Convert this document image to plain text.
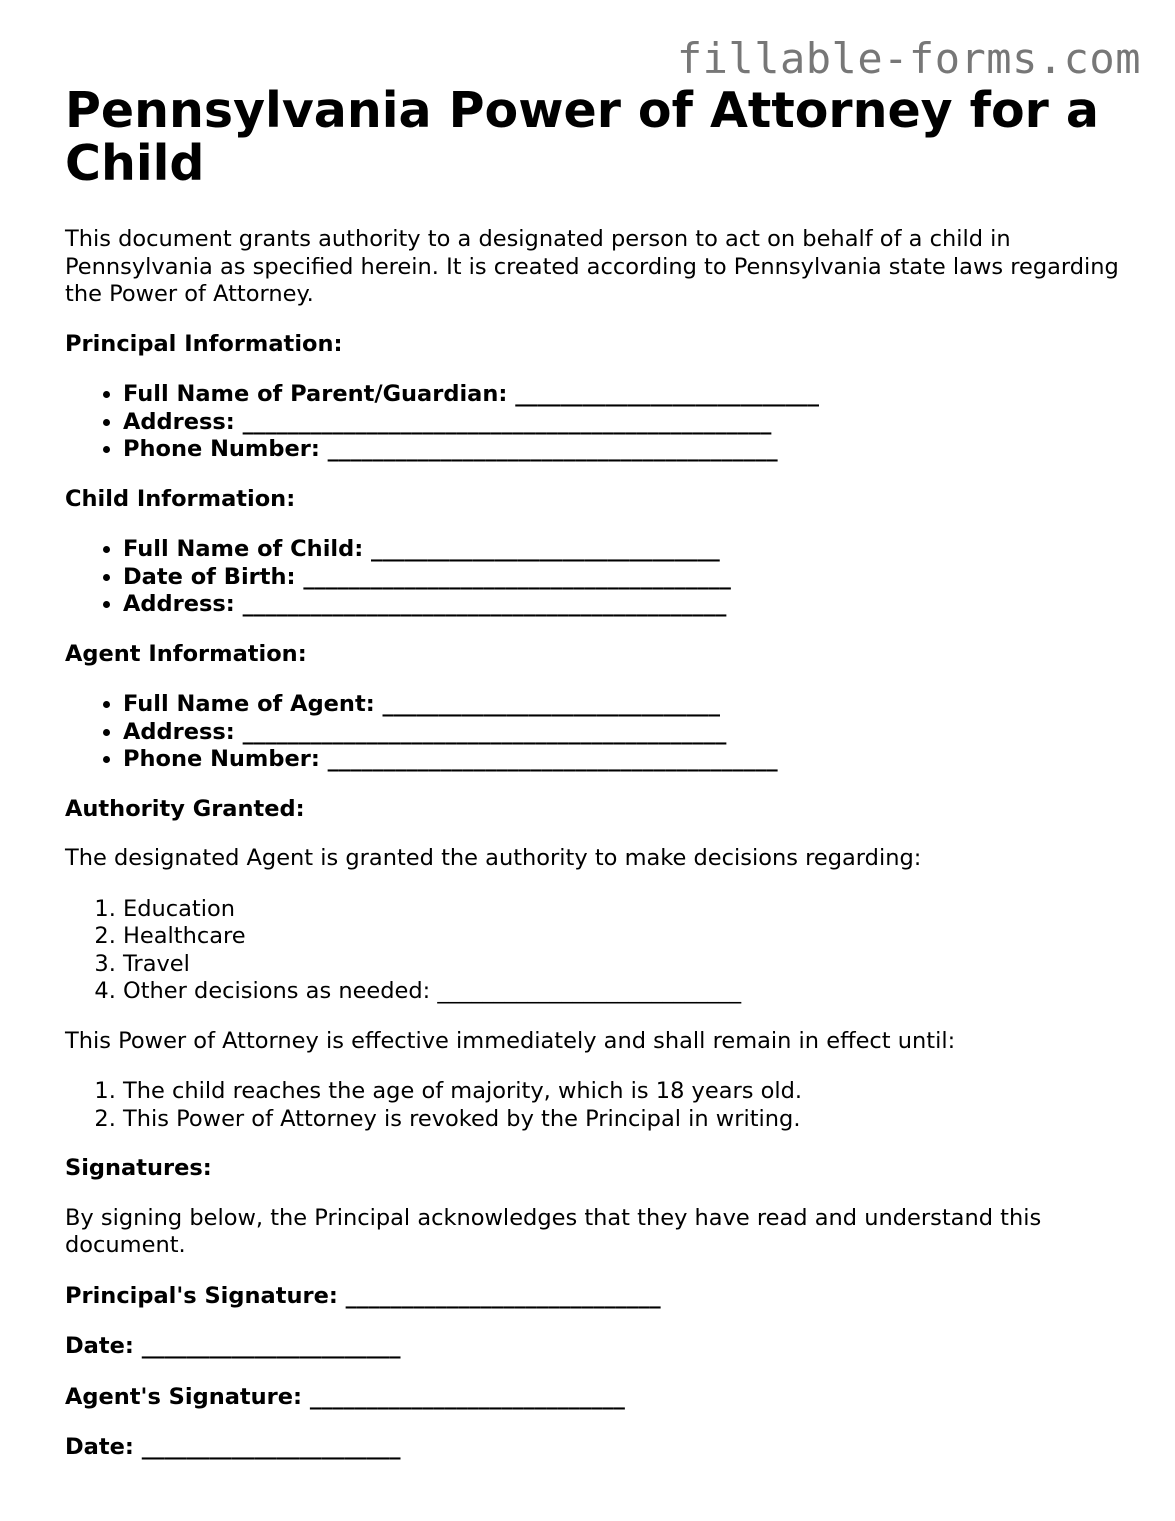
fillable-forms.com
Pennsylvania Power of Attorney for a Child

This document grants authority to a designated person to act on behalf of a child in Pennsylvania as specified herein. It is created according to Pennsylvania state laws regarding the Power of Attorney.

Principal Information:

• Full Name of Parent/Guardian: ___________________________
• Address: _______________________________________________
• Phone Number: ________________________________________

Child Information:

• Full Name of Child: _______________________________
• Date of Birth: ______________________________________
• Address: ___________________________________________

Agent Information:

• Full Name of Agent: ______________________________
• Address: ___________________________________________
• Phone Number: ________________________________________

Authority Granted:

The designated Agent is granted the authority to make decisions regarding:

1. Education
2. Healthcare
3. Travel
4. Other decisions as needed: ___________________________

This Power of Attorney is effective immediately and shall remain in effect until:

1. The child reaches the age of majority, which is 18 years old.
2. This Power of Attorney is revoked by the Principal in writing.

Signatures:

By signing below, the Principal acknowledges that they have read and understand this document.

Principal's Signature: ____________________________

Date: _______________________

Agent's Signature: ____________________________

Date: _______________________
